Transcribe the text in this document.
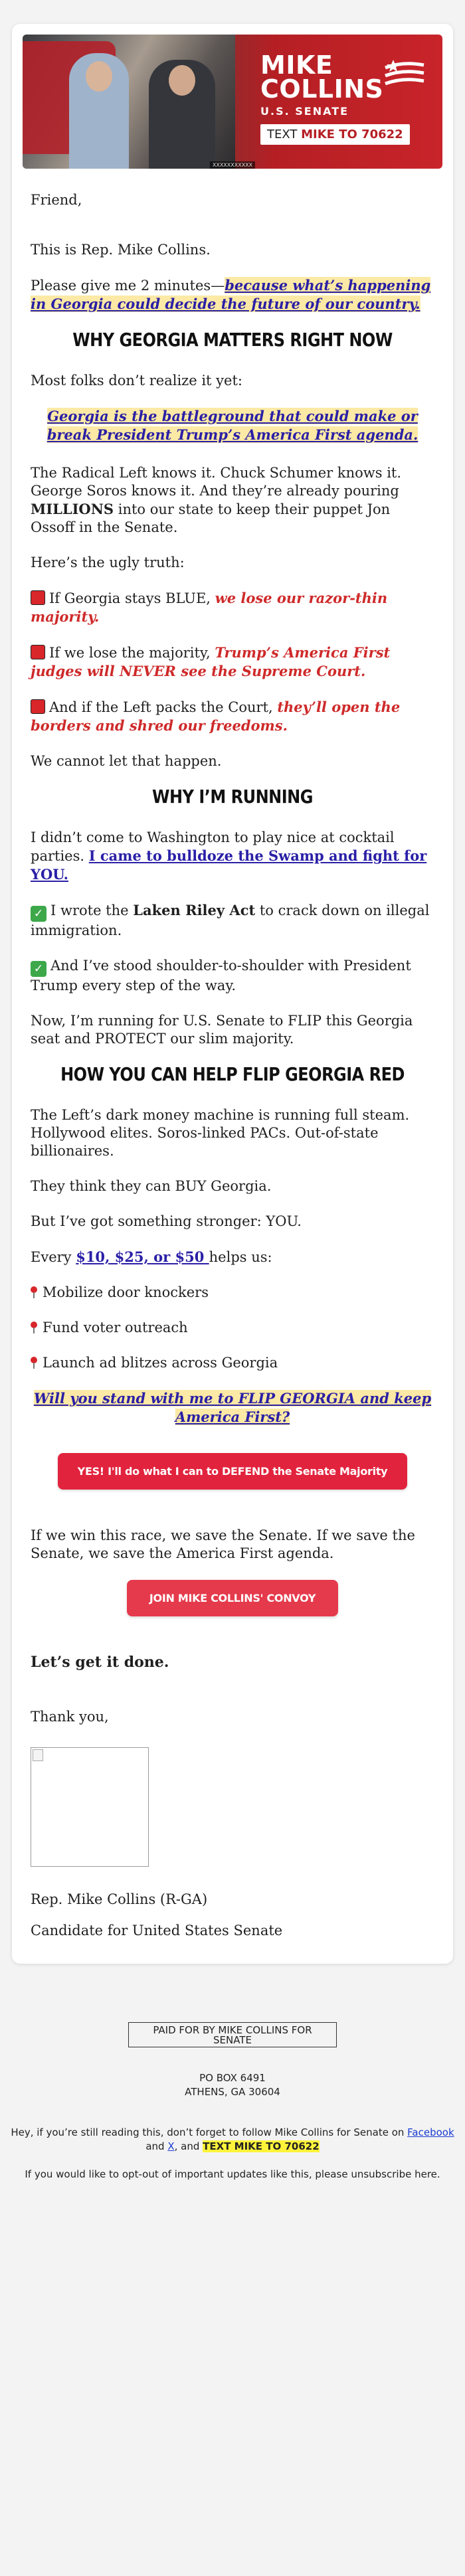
MIKE
COLLINS
U.S. SENATE
TEXT MIKE TO 70622
XXXXXXXXXXX

Friend,

This is Rep. Mike Collins.

Please give me 2 minutes—because what’s happening in Georgia could decide the future of our country.

WHY GEORGIA MATTERS RIGHT NOW

Most folks don’t realize it yet:

Georgia is the battleground that could make or break President Trump’s America First agenda.

The Radical Left knows it. Chuck Schumer knows it. George Soros knows it. And they’re already pouring MILLIONS into our state to keep their puppet Jon Ossoff in the Senate.

Here’s the ugly truth:

If Georgia stays BLUE, we lose our razor-thin majority.

If we lose the majority, Trump’s America First judges will NEVER see the Supreme Court.

And if the Left packs the Court, they’ll open the borders and shred our freedoms.

We cannot let that happen.

WHY I’M RUNNING

I didn’t come to Washington to play nice at cocktail parties. I came to bulldoze the Swamp and fight for YOU.

✓ I wrote the Laken Riley Act to crack down on illegal immigration.

✓ And I’ve stood shoulder-to-shoulder with President Trump every step of the way.

Now, I’m running for U.S. Senate to FLIP this Georgia seat and PROTECT our slim majority.

HOW YOU CAN HELP FLIP GEORGIA RED

The Left’s dark money machine is running full steam. Hollywood elites. Soros-linked PACs. Out-of-state billionaires.

They think they can BUY Georgia.

But I’ve got something stronger: YOU.

Every $10, $25, or $50 helps us:

Mobilize door knockers

Fund voter outreach

Launch ad blitzes across Georgia

Will you stand with me to FLIP GEORGIA and keep America First?

YES! I'll do what I can to DEFEND the Senate Majority

If we win this race, we save the Senate. If we save the Senate, we save the America First agenda.

JOIN MIKE COLLINS' CONVOY

Let’s get it done.

Thank you,

Rep. Mike Collins (R-GA)

Candidate for United States Senate

PAID FOR BY MIKE COLLINS FOR SENATE
PO BOX 6491
ATHENS, GA 30604
Hey, if you’re still reading this, don’t forget to follow Mike Collins for Senate on Facebook and X, and TEXT MIKE TO 70622
If you would like to opt-out of important updates like this, please unsubscribe here.
